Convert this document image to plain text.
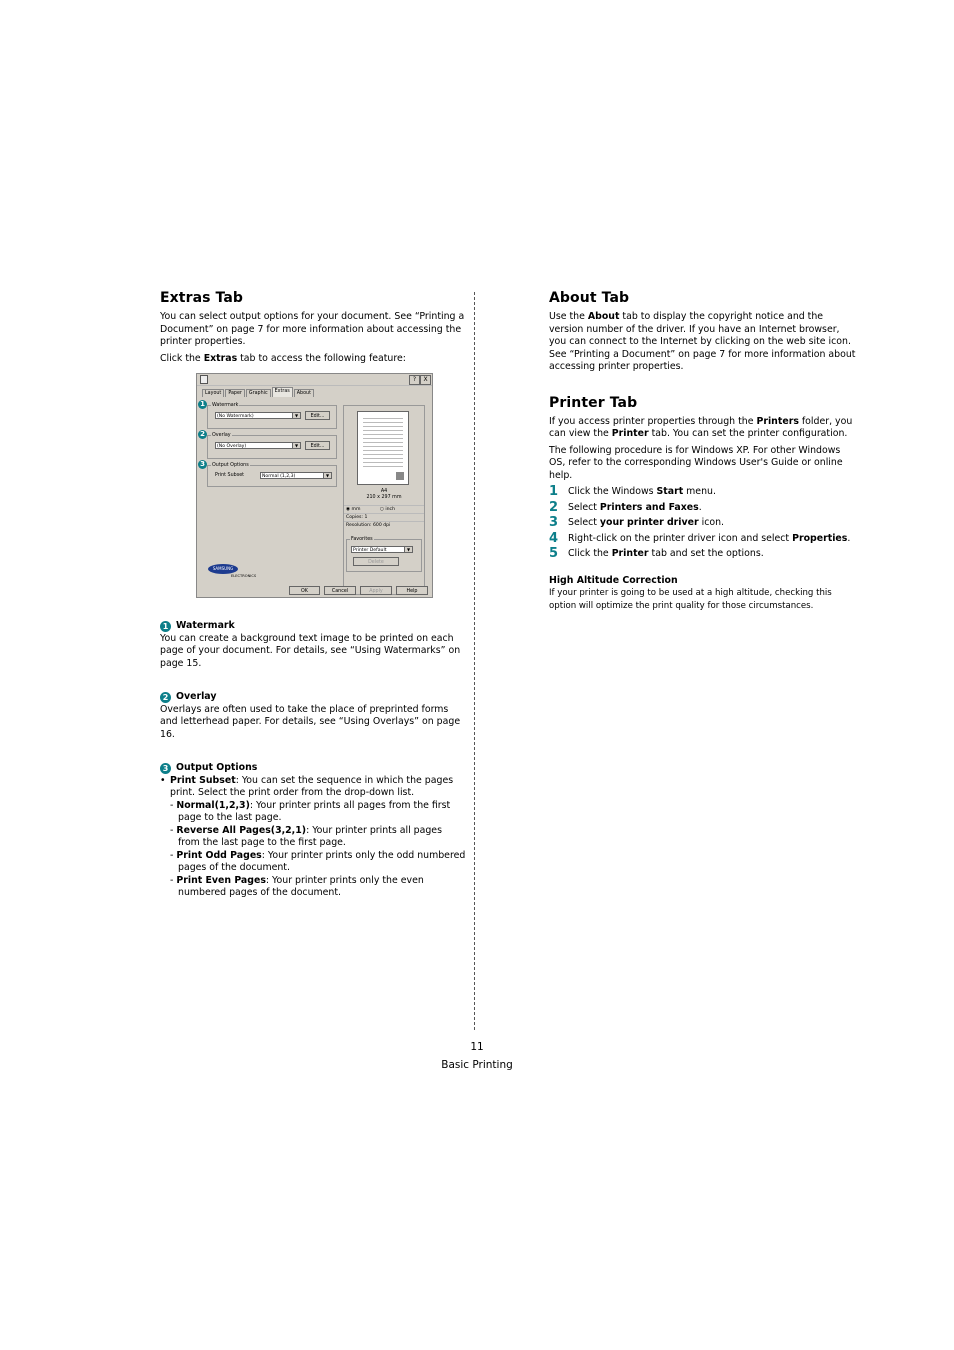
Extras Tab

You can select output options for your document. See “Printing a Document” on page 7 for more information about accessing the printer properties.

Click the Extras tab to access the following feature:

?	X
Layout	Paper	Graphic	Extras	About
1	Watermark
(No Watermark)	▼	Edit...
2	Overlay
(No Overlay)	▼	Edit...
3	Output Options
Print Subset	Normal (1,2,3)	▼
A4
210 x 297 mm
◉ mm	○ inch
Copies: 1
Resolution: 600 dpi
Favorites
Printer Default	▼
Delete
SAMSUNG
ELECTRONICS
OK	Cancel	Apply	Help
1 Watermark

You can create a background text image to be printed on each page of your document. For details, see “Using Watermarks” on page 15.

2 Overlay

Overlays are often used to take the place of preprinted forms and letterhead paper. For details, see “Using Overlays” on page 16.

3 Output Options

• Print Subset: You can set the sequence in which the pages print. Select the print order from the drop-down list.

- Normal(1,2,3): Your printer prints all pages from the first page to the last page.

- Reverse All Pages(3,2,1): Your printer prints all pages from the last page to the first page.

- Print Odd Pages: Your printer prints only the odd numbered pages of the document.

- Print Even Pages: Your printer prints only the even numbered pages of the document.

About Tab

Use the About tab to display the copyright notice and the version number of the driver. If you have an Internet browser, you can connect to the Internet by clicking on the web site icon. See “Printing a Document” on page 7 for more information about accessing printer properties.

Printer Tab

If you access printer properties through the Printers folder, you can view the Printer tab. You can set the printer configuration.

The following procedure is for Windows XP. For other Windows OS, refer to the corresponding Windows User's Guide or online help.

1	Click the Windows Start menu.
2	Select Printers and Faxes.
3	Select your printer driver icon.
4	Right-click on the printer driver icon and select Properties.
5	Click the Printer tab and set the options.

High Altitude Correction

If your printer is going to be used at a high altitude, checking this option will optimize the print quality for those circumstances.

11
Basic Printing
